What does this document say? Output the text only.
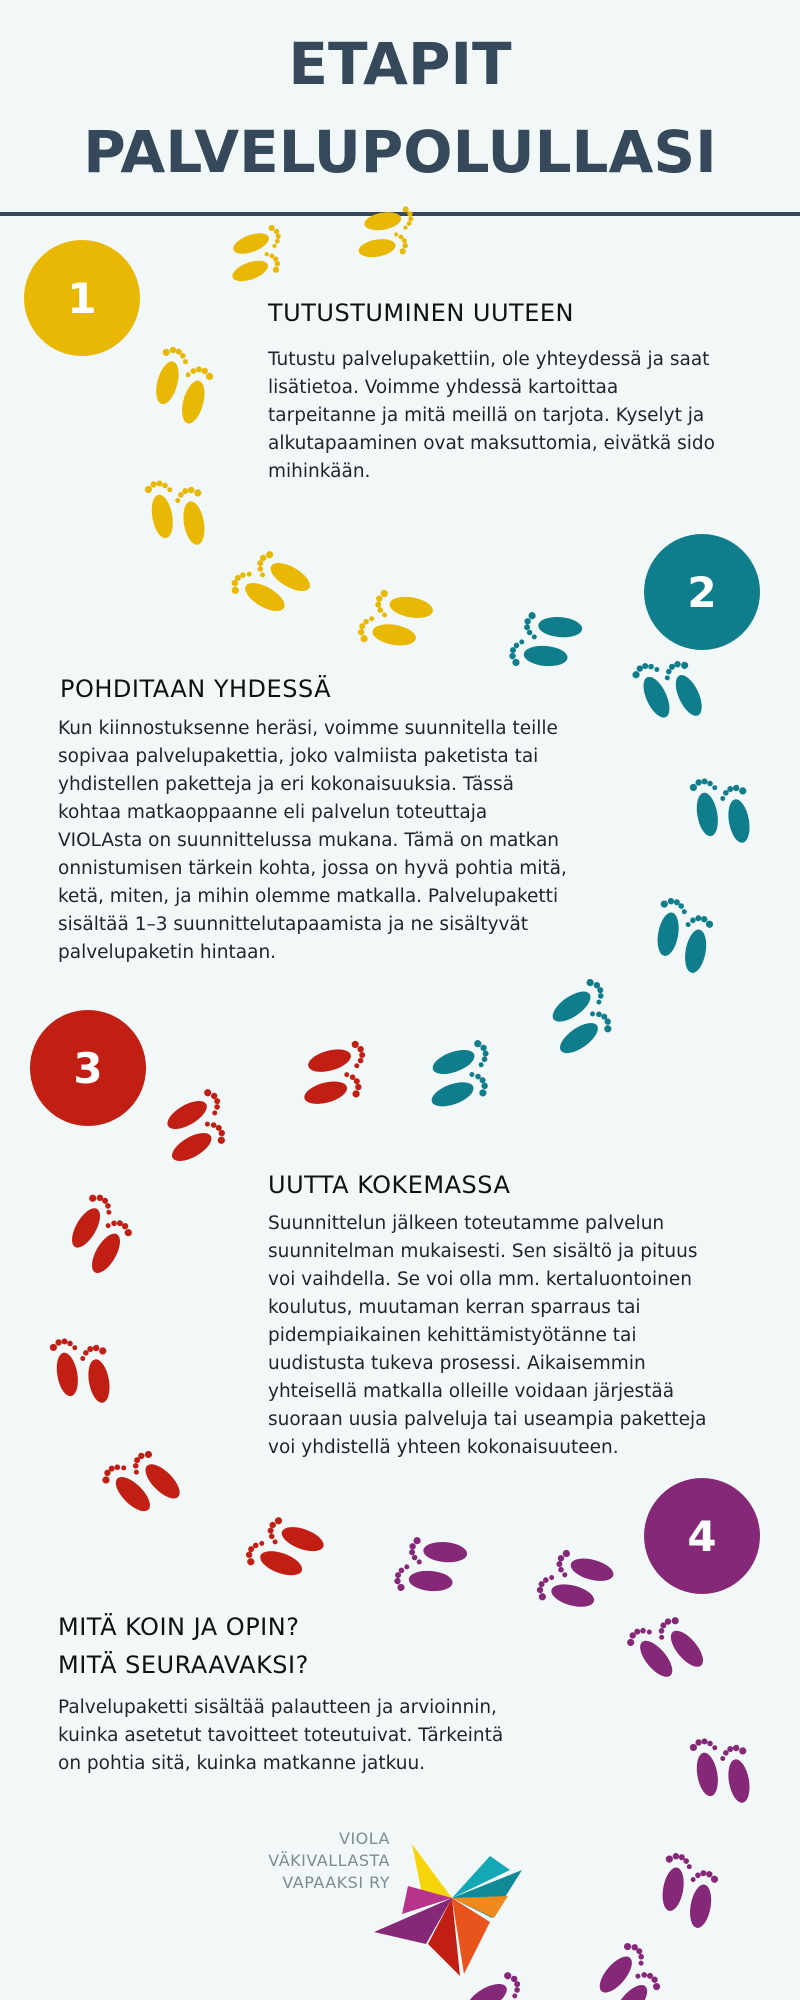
ETAPIT
PALVELUPOLULLASI
1	TUTUSTUMINEN UUTEEN

Tutustu palvelupakettiin, ole yhteydessä ja saat
lisätietoa. Voimme yhdessä kartoittaa
tarpeitanne ja mitä meillä on tarjota. Kyselyt ja
alkutapaaminen ovat maksuttomia, eivätkä sido
mihinkään.

2
POHDITAAN YHDESSÄ

Kun kiinnostuksenne heräsi, voimme suunnitella teille
sopivaa palvelupakettia, joko valmiista paketista tai
yhdistellen paketteja ja eri kokonaisuuksia. Tässä
kohtaa matkaoppaanne eli palvelun toteuttaja
VIOLAsta on suunnittelussa mukana. Tämä on matkan
onnistumisen tärkein kohta, jossa on hyvä pohtia mitä,
ketä, miten, ja mihin olemme matkalla. Palvelupaketti
sisältää 1–3 suunnittelutapaamista ja ne sisältyvät
palvelupaketin hintaan.

3
UUTTA KOKEMASSA

Suunnittelun jälkeen toteutamme palvelun
suunnitelman mukaisesti. Sen sisältö ja pituus
voi vaihdella. Se voi olla mm. kertaluontoinen
koulutus, muutaman kerran sparraus tai
pidempiaikainen kehittämistyötänne tai
uudistusta tukeva prosessi. Aikaisemmin
yhteisellä matkalla olleille voidaan järjestää
suoraan uusia palveluja tai useampia paketteja
voi yhdistellä yhteen kokonaisuuteen.

4
MITÄ KOIN JA OPIN?
MITÄ SEURAAVAKSI?

Palvelupaketti sisältää palautteen ja arvioinnin,
kuinka asetetut tavoitteet toteutuivat. Tärkeintä
on pohtia sitä, kuinka matkanne jatkuu.

VIOLA
VÄKIVALLASTA
VAPAAKSI RY
